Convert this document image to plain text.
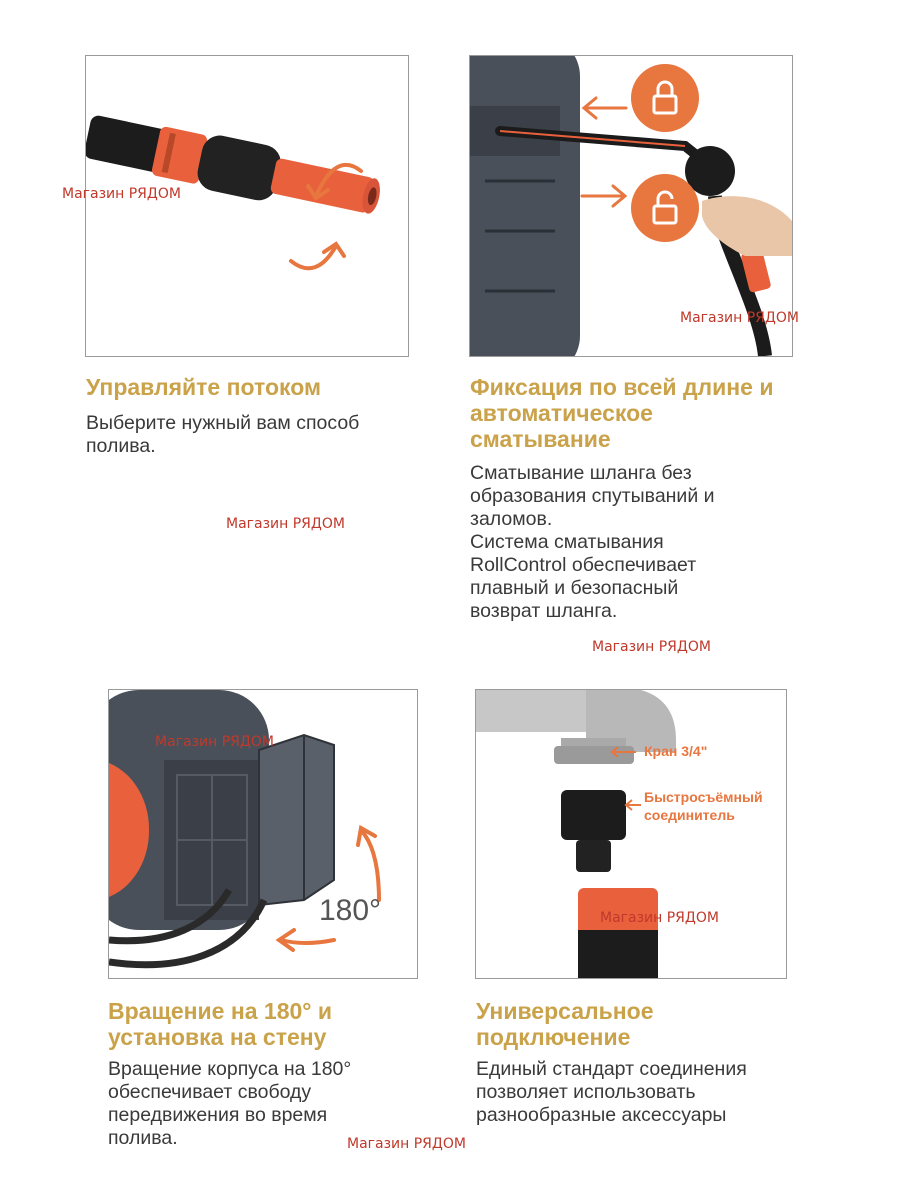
180°
Кран 3/4"
Быстросъёмный
соединитель
Управляйте потоком
Выберите нужный вам способ
полива.
Фиксация по всей длине и
автоматическое
сматывание
Сматывание шланга без
образования спутываний и
заломов.
Система сматывания
RollControl обеспечивает
плавный и безопасный
возврат шланга.
Вращение на 180° и
установка на стену
Вращение корпуса на 180°
обеспечивает свободу
передвижения во время
полива.
Универсальное
подключение
Единый стандарт соединения
позволяет использовать
разнообразные аксессуары
Магазин РЯДОМ
Магазин РЯДОМ
Магазин РЯДОМ
Магазин РЯДОМ
Магазин РЯДОМ
Магазин РЯДОМ
Магазин РЯДОМ
